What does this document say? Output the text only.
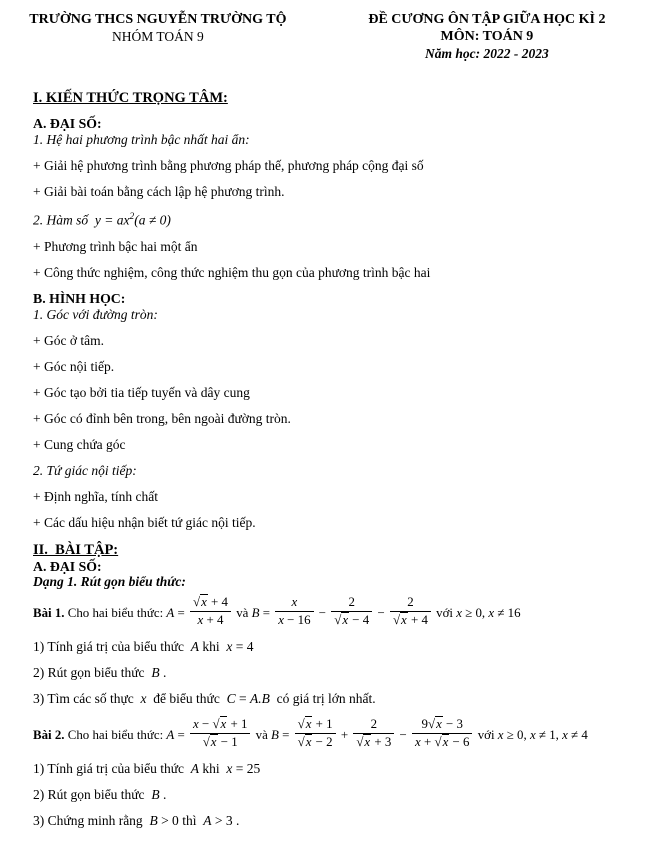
TRƯỜNG THCS NGUYỄN TRƯỜNG TỘ
NHÓM TOÁN 9
ĐỀ CƯƠNG ÔN TẬP GIỮA HỌC KÌ 2
MÔN: TOÁN 9
Năm học: 2022 - 2023
I. KIẾN THỨC TRỌNG TÂM:
A. ĐẠI SỐ:
1. Hệ hai phương trình bậc nhất hai ẩn:
+ Giải hệ phương trình bằng phương pháp thế, phương pháp cộng đại số
+ Giải bài toán bằng cách lập hệ phương trình.
2. Hàm số  $y = ax^2(a \ne 0)$
+ Phương trình bậc hai một ẩn
+ Công thức nghiệm, công thức nghiệm thu gọn của phương trình bậc hai
B. HÌNH HỌC:
1. Góc với đường tròn:
+ Góc ở tâm.
+ Góc nội tiếp.
+ Góc tạo bởi tia tiếp tuyến và dây cung
+ Góc có đỉnh bên trong, bên ngoài đường tròn.
+ Cung chứa góc
2. Tứ giác nội tiếp:
+ Định nghĩa, tính chất
+ Các dấu hiệu nhận biết tứ giác nội tiếp.
II.  BÀI TẬP:
A. ĐẠI SỐ:
Dạng 1. Rút gọn biểu thức:
Bài 1. Cho hai biểu thức: $A = \frac{√x + 4}{x + 4}$ và $B = \frac{x}{x - 16} - \frac{2}{√x - 4} - \frac{2}{√x + 4}$ với x ≥ 0, x ≠ 16
1) Tính giá trị của biểu thức  A khi  x = 4
2) Rút gọn biểu thức  B .
3) Tìm các số thực  x  để biểu thức  C = A.B  có giá trị lớn nhất.
Bài 2. Cho hai biểu thức: $A = \frac{x - √x + 1}{√x - 1}$ và $B = \frac{√x + 1}{√x - 2} + \frac{2}{√x + 3} - \frac{9√x - 3}{x + √x - 6}$ với x ≥ 0, x ≠ 1, x ≠ 4
1) Tính giá trị của biểu thức  A khi  x = 25
2) Rút gọn biểu thức  B .
3) Chứng minh rằng  B > 0 thì  A > 3 .
